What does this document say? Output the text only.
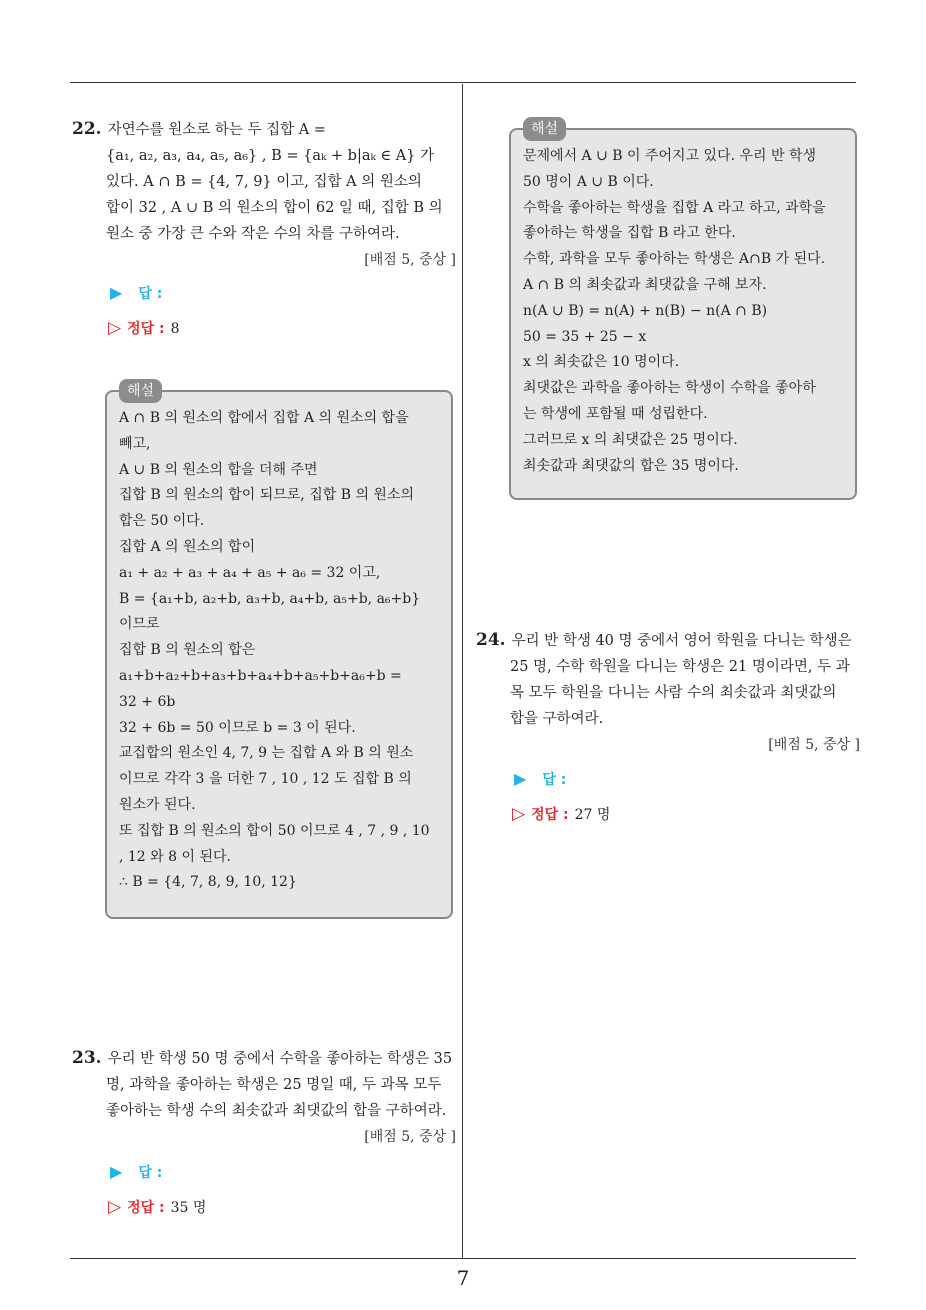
7
22. 자연수를 원소로 하는 두 집합 A =
{a₁, a₂, a₃, a₄, a₅, a₆} , B = {aₖ + b|aₖ ∈ A} 가
있다. A ∩ B = {4, 7, 9} 이고, 집합 A 의 원소의
합이 32 , A ∪ B 의 원소의 합이 62 일 때, 집합 B 의
원소 중 가장 큰 수와 작은 수의 차를 구하여라.
[배점 5, 중상 ]
▶ 답 :
▷ 정답 : 8
해설
A ∩ B 의 원소의 합에서 집합 A 의 원소의 합을
빼고,
A ∪ B 의 원소의 합을 더해 주면
집합 B 의 원소의 합이 되므로, 집합 B 의 원소의
합은 50 이다.
집합 A 의 원소의 합이
a₁ + a₂ + a₃ + a₄ + a₅ + a₆ = 32 이고,
B = {a₁+b, a₂+b, a₃+b, a₄+b, a₅+b, a₆+b}
이므로
집합 B 의 원소의 합은
a₁+b+a₂+b+a₃+b+a₄+b+a₅+b+a₆+b =
32 + 6b
32 + 6b = 50 이므로 b = 3 이 된다.
교집합의 원소인 4, 7, 9 는 집합 A 와 B 의 원소
이므로 각각 3 을 더한 7 , 10 , 12 도 집합 B 의
원소가 된다.
또 집합 B 의 원소의 합이 50 이므로 4 , 7 , 9 , 10
, 12 와 8 이 된다.
∴ B = {4, 7, 8, 9, 10, 12}
23. 우리 반 학생 50 명 중에서 수학을 좋아하는 학생은 35
명, 과학을 좋아하는 학생은 25 명일 때, 두 과목 모두
좋아하는 학생 수의 최솟값과 최댓값의 합을 구하여라.
[배점 5, 중상 ]
▶ 답 :
▷ 정답 : 35 명
해설
문제에서 A ∪ B 이 주어지고 있다. 우리 반 학생
50 명이 A ∪ B 이다.
수학을 좋아하는 학생을 집합 A 라고 하고, 과학을
좋아하는 학생을 집합 B 라고 한다.
수학, 과학을 모두 좋아하는 학생은 A∩B 가 된다.
A ∩ B 의 최솟값과 최댓값을 구해 보자.
n(A ∪ B) = n(A) + n(B) − n(A ∩ B)
50 = 35 + 25 − x
x 의 최솟값은 10 명이다.
최댓값은 과학을 좋아하는 학생이 수학을 좋아하
는 학생에 포함될 때 성립한다.
그러므로 x 의 최댓값은 25 명이다.
최솟값과 최댓값의 합은 35 명이다.
24. 우리 반 학생 40 명 중에서 영어 학원을 다니는 학생은
25 명, 수학 학원을 다니는 학생은 21 명이라면, 두 과
목 모두 학원을 다니는 사람 수의 최솟값과 최댓값의
합을 구하여라.
[배점 5, 중상 ]
▶ 답 :
▷ 정답 : 27 명
